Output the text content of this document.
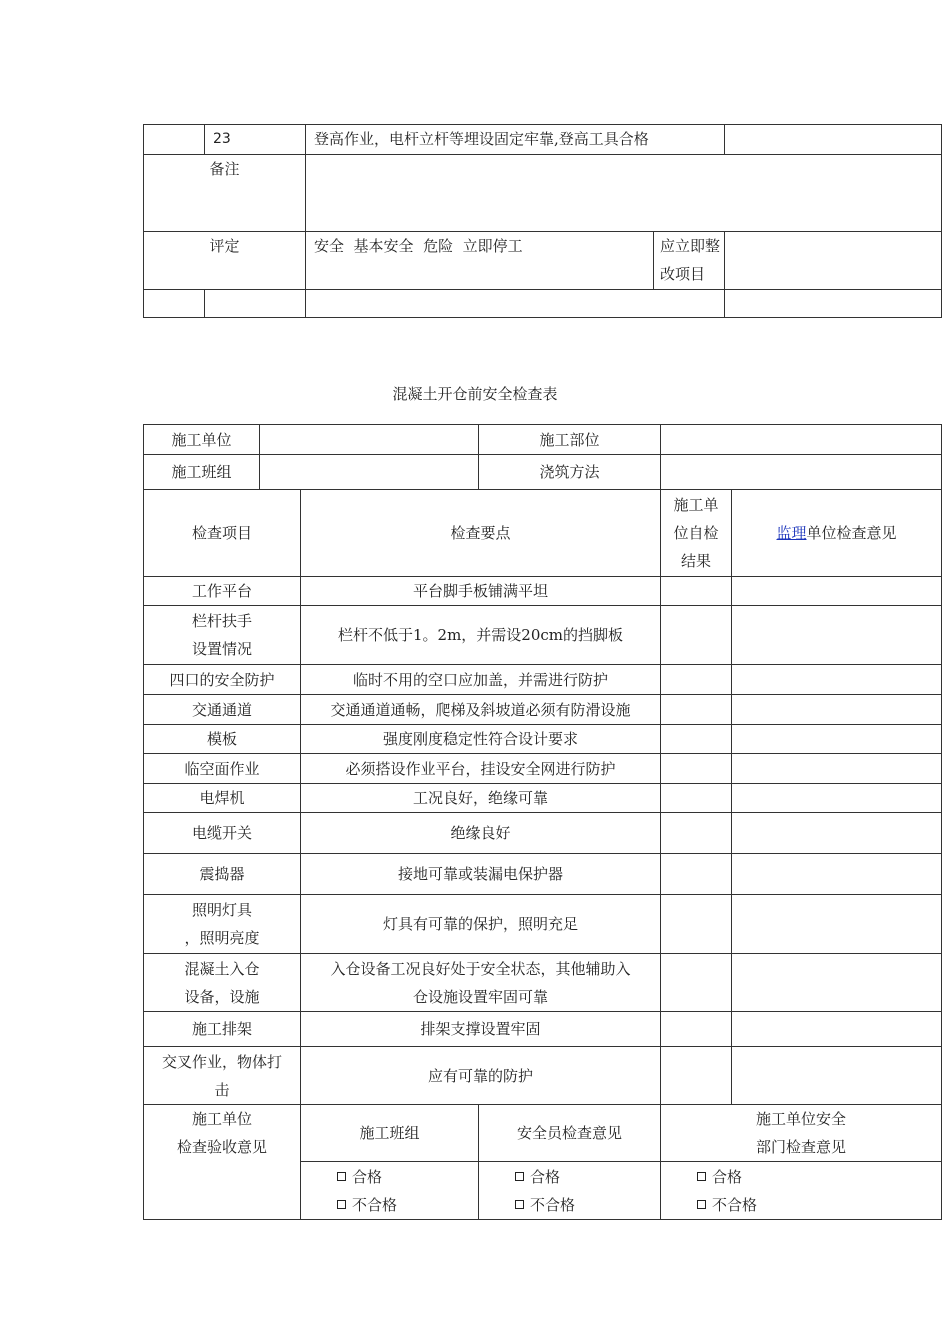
	23	登高作业，电杆立杆等埋设固定牢靠,登高工具合格		
备注				
评定		安全  基本安全  危险  立即停工	应立即整
改项目	

混凝土开仓前安全检查表
施工单位		施工部位	
施工班组		浇筑方法	
检查项目	检查要点		施工单
位自检
结果	监理单位检查意见

工作平台	平台脚手板铺满平坦			

栏杆扶手
设置情况	栏杆不低于1。2m，并需设20cm的挡脚板			

四口的安全防护	临时不用的空口应加盖，并需进行防护			

交通通道	交通通道通畅，爬梯及斜坡道必须有防滑设施			

模板	强度刚度稳定性符合设计要求			

临空面作业	必须搭设作业平台，挂设安全网进行防护			

电焊机	工况良好，绝缘可靠			

电缆开关	绝缘良好			

震捣器	接地可靠或装漏电保护器			

照明灯具
，照明亮度	灯具有可靠的保护，照明充足			

混凝土入仓
设备，设施	入仓设备工况良好处于安全状态，其他辅助入
仓设施设置牢固可靠			

施工排架	排架支撑设置牢固			

交叉作业，物体打
击	应有可靠的防护			

施工单位
检查验收意见	施工班组	安全员检查意见	施工单位安全
部门检查意见	

	合格
不合格	合格
不合格	合格
不合格	
